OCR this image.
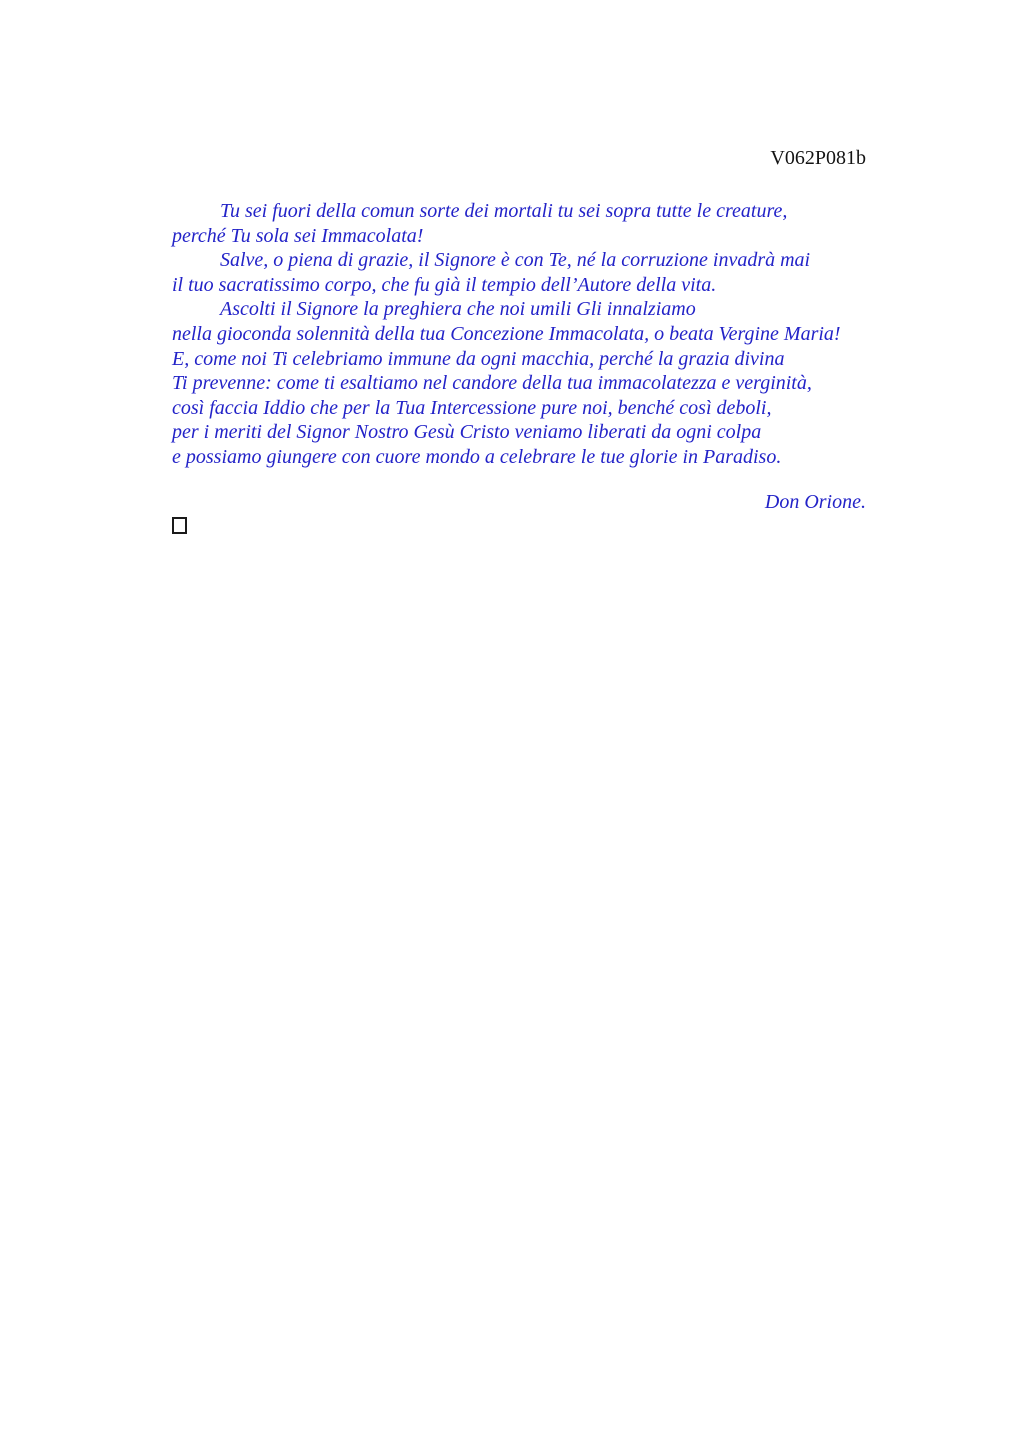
V062P081b
Tu sei fuori della comun sorte dei mortali tu sei sopra tutte le creature,
perché Tu sola sei Immacolata!
Salve, o piena di grazie, il Signore è con Te, né la corruzione invadrà mai
il tuo sacratissimo corpo, che fu già il tempio dell’Autore della vita.
Ascolti il Signore la preghiera che noi umili Gli innalziamo
nella gioconda solennità della tua Concezione Immacolata, o beata Vergine Maria!
E, come noi Ti celebriamo immune da ogni macchia, perché la grazia divina
Ti prevenne: come ti esaltiamo nel candore della tua immacolatezza e verginità,
così faccia Iddio che per la Tua Intercessione pure noi, benché così deboli,
per i meriti del Signor Nostro Gesù Cristo veniamo liberati da ogni colpa
e possiamo giungere con cuore mondo a celebrare le tue glorie in Paradiso.
Don Orione.
